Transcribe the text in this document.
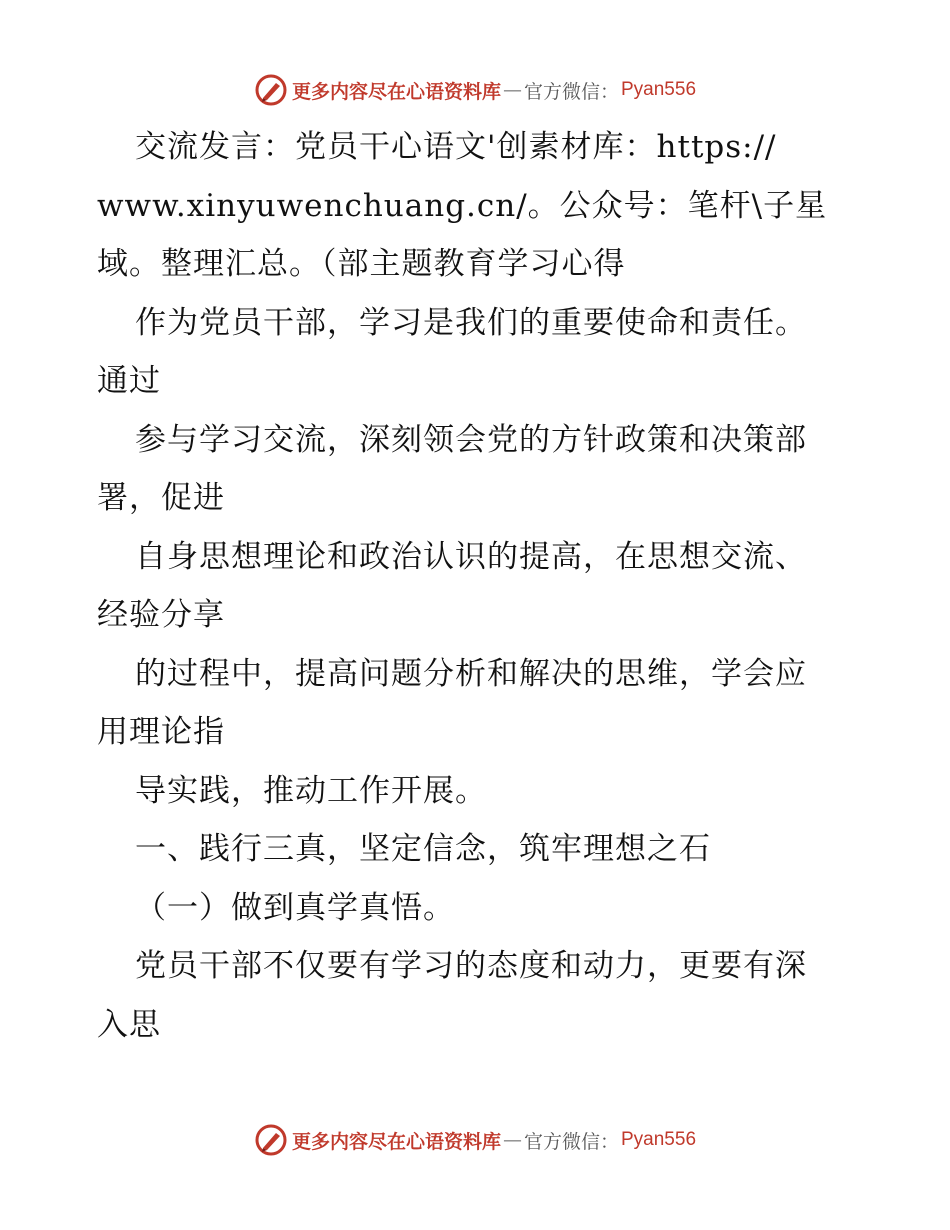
更多内容尽在心语资料库 — 官方微信： Pyan556
交流发言：党员干心语文'创素材库：https://
www.xinyuwenchuang.cn/。公众号：笔杆\子星
域。整理汇总。（部主题教育学习心得
作为党员干部，学习是我们的重要使命和责任。
通过
参与学习交流，深刻领会党的方针政策和决策部
署，促进
自身思想理论和政治认识的提高，在思想交流、
经验分享
的过程中，提高问题分析和解决的思维，学会应
用理论指
导实践，推动工作开展。
一、践行三真，坚定信念，筑牢理想之石
（一）做到真学真悟。
党员干部不仅要有学习的态度和动力，更要有深
入思
更多内容尽在心语资料库 — 官方微信： Pyan556
